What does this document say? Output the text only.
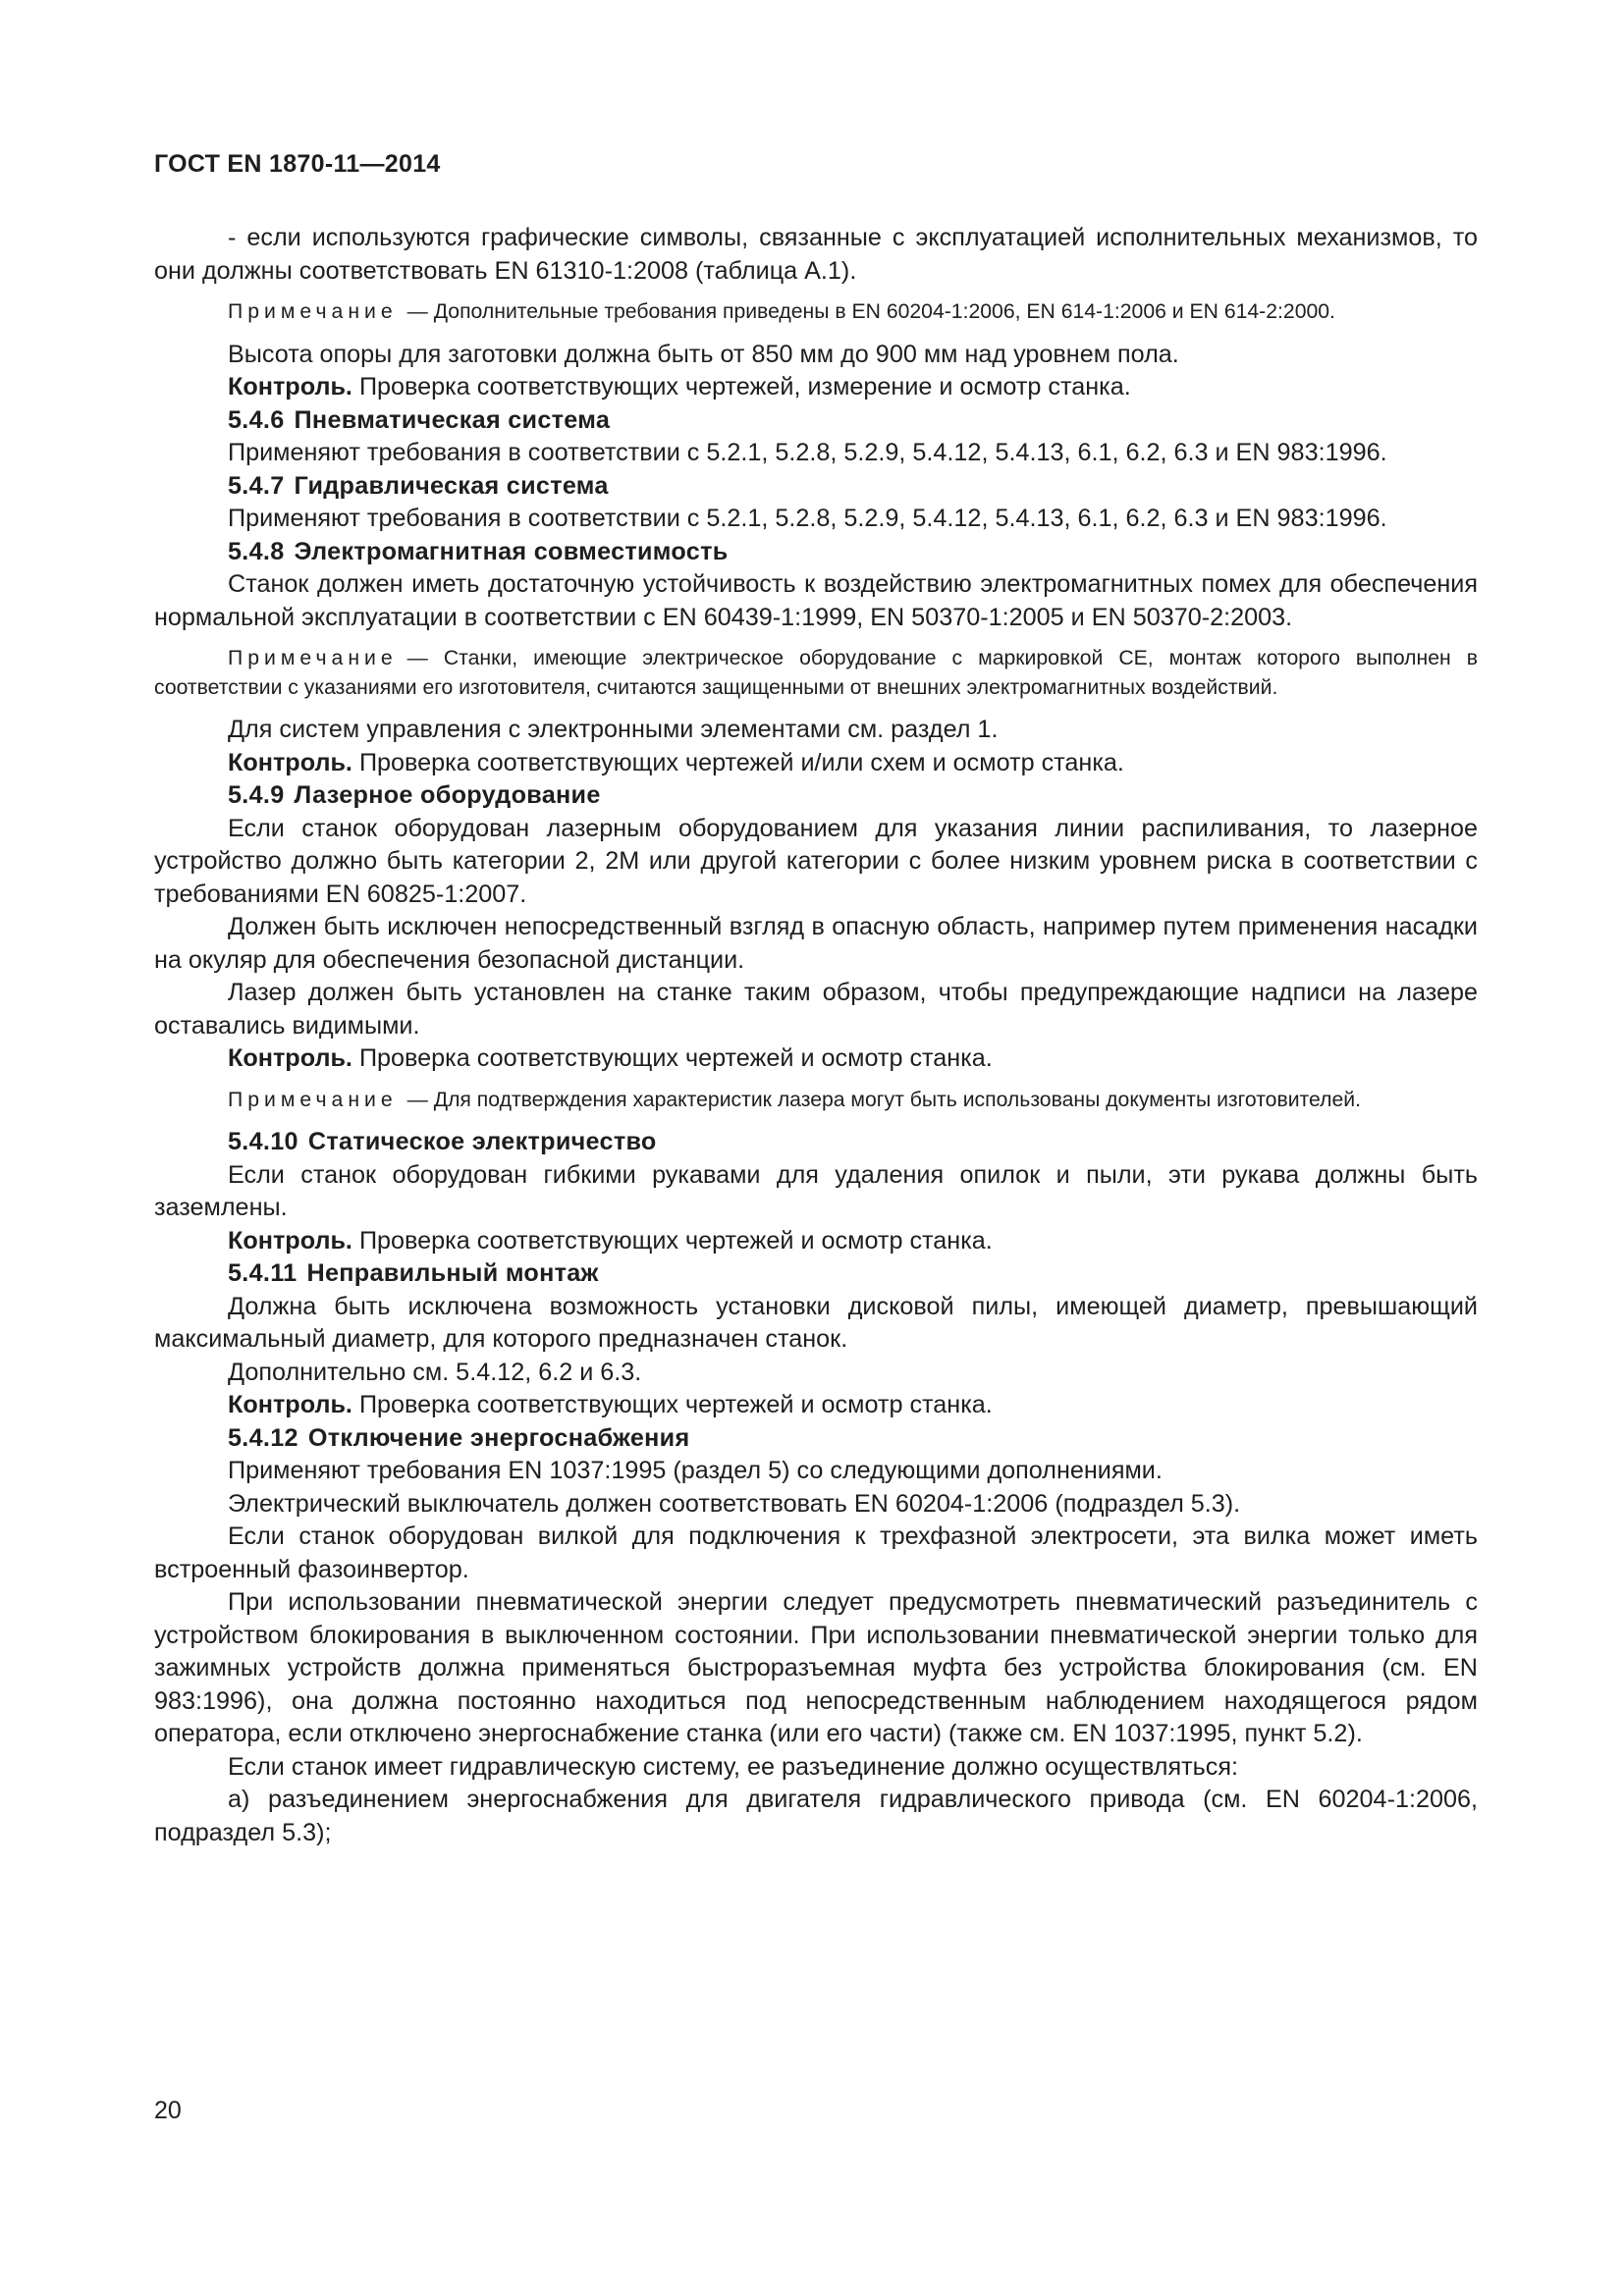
ГОСТ EN 1870-11—2014

- если используются графические символы, связанные с эксплуатацией исполнительных механизмов, то они должны соответствовать EN 61310-1:2008 (таблица А.1).

Примечание — Дополнительные требования приведены в EN 60204-1:2006, EN 614-1:2006 и EN 614-2:2000.

Высота опоры для заготовки должна быть от 850 мм до 900 мм над уровнем пола.

Контроль. Проверка соответствующих чертежей, измерение и осмотр станка.

5.4.6 Пневматическая система

Применяют требования в соответствии с 5.2.1, 5.2.8, 5.2.9, 5.4.12, 5.4.13, 6.1, 6.2, 6.3 и EN 983:1996.

5.4.7 Гидравлическая система

Применяют требования в соответствии с 5.2.1, 5.2.8, 5.2.9, 5.4.12, 5.4.13, 6.1, 6.2, 6.3 и EN 983:1996.

5.4.8 Электромагнитная совместимость

Станок должен иметь достаточную устойчивость к воздействию электромагнитных помех для обеспечения нормальной эксплуатации в соответствии с EN 60439-1:1999, EN 50370-1:2005 и EN 50370-2:2003.

Примечание — Станки, имеющие электрическое оборудование с маркировкой CE, монтаж которого выполнен в соответствии с указаниями его изготовителя, считаются защищенными от внешних электромагнитных воздействий.

Для систем управления с электронными элементами см. раздел 1.

Контроль. Проверка соответствующих чертежей и/или схем и осмотр станка.

5.4.9 Лазерное оборудование

Если станок оборудован лазерным оборудованием для указания линии распиливания, то лазерное устройство должно быть категории 2, 2М или другой категории с более низким уровнем риска в соответствии с требованиями EN 60825-1:2007.

Должен быть исключен непосредственный взгляд в опасную область, например путем применения насадки на окуляр для обеспечения безопасной дистанции.

Лазер должен быть установлен на станке таким образом, чтобы предупреждающие надписи на лазере оставались видимыми.

Контроль. Проверка соответствующих чертежей и осмотр станка.

Примечание — Для подтверждения характеристик лазера могут быть использованы документы изготовителей.

5.4.10 Статическое электричество

Если станок оборудован гибкими рукавами для удаления опилок и пыли, эти рукава должны быть заземлены.

Контроль. Проверка соответствующих чертежей и осмотр станка.

5.4.11 Неправильный монтаж

Должна быть исключена возможность установки дисковой пилы, имеющей диаметр, превышающий максимальный диаметр, для которого предназначен станок.

Дополнительно см. 5.4.12, 6.2 и 6.3.

Контроль. Проверка соответствующих чертежей и осмотр станка.

5.4.12 Отключение энергоснабжения

Применяют требования EN 1037:1995 (раздел 5) со следующими дополнениями.

Электрический выключатель должен соответствовать EN 60204-1:2006 (подраздел 5.3).

Если станок оборудован вилкой для подключения к трехфазной электросети, эта вилка может иметь встроенный фазоинвертор.

При использовании пневматической энергии следует предусмотреть пневматический разъединитель с устройством блокирования в выключенном состоянии. При использовании пневматической энергии только для зажимных устройств должна применяться быстроразъемная муфта без устройства блокирования (см. EN 983:1996), она должна постоянно находиться под непосредственным наблюдением находящегося рядом оператора, если отключено энергоснабжение станка (или его части) (также см. EN 1037:1995, пункт 5.2).

Если станок имеет гидравлическую систему, ее разъединение должно осуществляться:

а) разъединением энергоснабжения для двигателя гидравлического привода (см. EN 60204-1:2006, подраздел 5.3);

20
